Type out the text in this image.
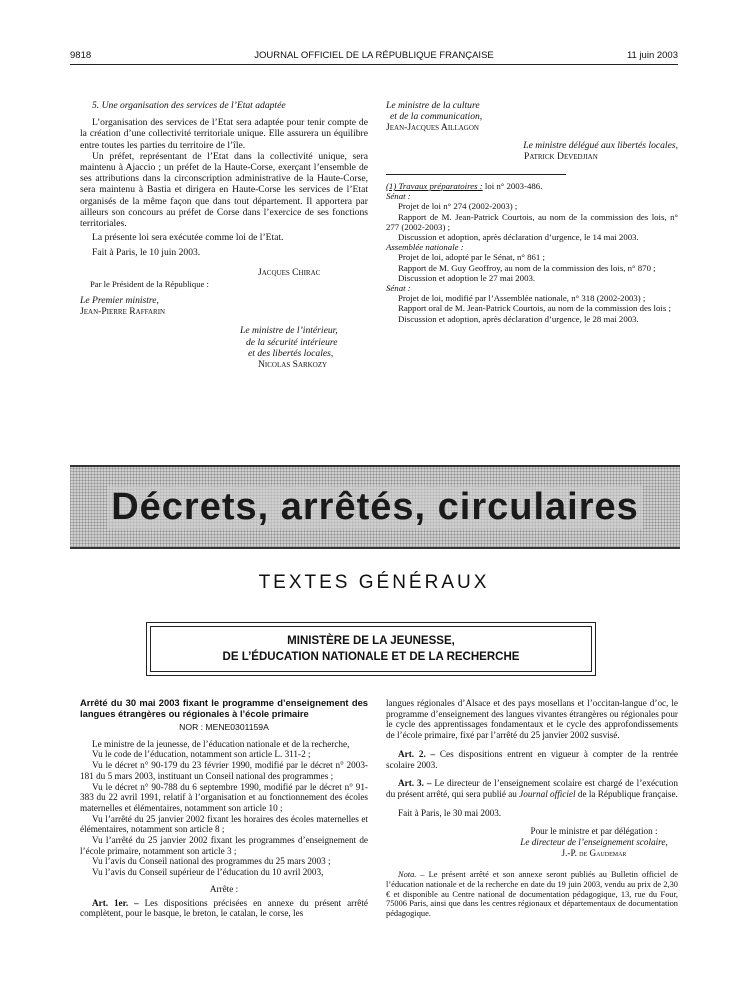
9818	JOURNAL OFFICIEL DE LA RÉPUBLIQUE FRANÇAISE	11 juin 2003

5. Une organisation des services de l’Etat adaptée

L’organisation des services de l’Etat sera adaptée pour tenir compte de la création d’une collectivité territoriale unique. Elle assurera un équilibre entre toutes les parties du territoire de l’île.

Un préfet, représentant de l’Etat dans la collectivité unique, sera maintenu à Ajaccio ; un préfet de la Haute-Corse, exerçant l’ensemble de ses attributions dans la circonscription administrative de la Haute-Corse, sera maintenu à Bastia et dirigera en Haute-Corse les services de l’Etat organisés de la même façon que dans tout département. Il apportera par ailleurs son concours au préfet de Corse dans l’exercice de ses fonctions territoriales.

La présente loi sera exécutée comme loi de l’Etat.

Fait à Paris, le 10 juin 2003.

Jacques Chirac
Par le Président de la République :
Le Premier ministre,
Jean-Pierre Raffarin
Le ministre de l’intérieur,
de la sécurité intérieure
et des libertés locales,
Nicolas Sarkozy
Le ministre de la culture
et de la communication,
Jean-Jacques Aillagon
Le ministre délégué aux libertés locales,
Patrick Devedjian
(1) Travaux préparatoires : loi n° 2003-486.
Sénat :

Projet de loi n° 274 (2002-2003) ;

Rapport de M. Jean-Patrick Courtois, au nom de la commission des lois, n° 277 (2002-2003) ;

Discussion et adoption, après déclaration d’urgence, le 14 mai 2003.

Assemblée nationale :

Projet de loi, adopté par le Sénat, n° 861 ;

Rapport de M. Guy Geoffroy, au nom de la commission des lois, n° 870 ;

Discussion et adoption le 27 mai 2003.

Sénat :

Projet de loi, modifié par l’Assemblée nationale, n° 318 (2002-2003) ;

Rapport oral de M. Jean-Patrick Courtois, au nom de la commission des lois ;

Discussion et adoption, après déclaration d’urgence, le 28 mai 2003.

Décrets, arrêtés, circulaires
TEXTES GÉNÉRAUX
MINISTÈRE DE LA JEUNESSE,
DE L’ÉDUCATION NATIONALE ET DE LA RECHERCHE
Arrêté du 30 mai 2003 fixant le programme d’enseignement des langues étrangères ou régionales à l’école primaire
NOR : MENE0301159A

Le ministre de la jeunesse, de l’éducation nationale et de la recherche,

Vu le code de l’éducation, notamment son article L. 311-2 ;

Vu le décret n° 90-179 du 23 février 1990, modifié par le décret n° 2003-181 du 5 mars 2003, instituant un Conseil national des programmes ;

Vu le décret n° 90-788 du 6 septembre 1990, modifié par le décret n° 91-383 du 22 avril 1991, relatif à l’organisation et au fonctionnement des écoles maternelles et élémentaires, notamment son article 10 ;

Vu l’arrêté du 25 janvier 2002 fixant les horaires des écoles maternelles et élémentaires, notamment son article 8 ;

Vu l’arrêté du 25 janvier 2002 fixant les programmes d’enseignement de l’école primaire, notamment son article 3 ;

Vu l’avis du Conseil national des programmes du 25 mars 2003 ;

Vu l’avis du Conseil supérieur de l’éducation du 10 avril 2003,

Arrête :

Art. 1er. – Les dispositions précisées en annexe du présent arrêté complètent, pour le basque, le breton, le catalan, le corse, les

langues régionales d’Alsace et des pays mosellans et l’occitan-langue d’oc, le programme d’enseignement des langues vivantes étrangères ou régionales pour le cycle des apprentissages fondamentaux et le cycle des approfondissements de l’école primaire, fixé par l’arrêté du 25 janvier 2002 susvisé.

Art. 2. – Ces dispositions entrent en vigueur à compter de la rentrée scolaire 2003.

Art. 3. – Le directeur de l’enseignement scolaire est chargé de l’exécution du présent arrêté, qui sera publié au Journal officiel de la République française.

Fait à Paris, le 30 mai 2003.

Pour le ministre et par délégation :
Le directeur de l’enseignement scolaire,
J.-P. de Gaudemar

Nota. – Le présent arrêté et son annexe seront publiés au Bulletin officiel de l’éducation nationale et de la recherche en date du 19 juin 2003, vendu au prix de 2,30 € et disponible au Centre national de documentation pédagogique, 13, rue du Four, 75006 Paris, ainsi que dans les centres régionaux et départementaux de documentation pédagogique.
